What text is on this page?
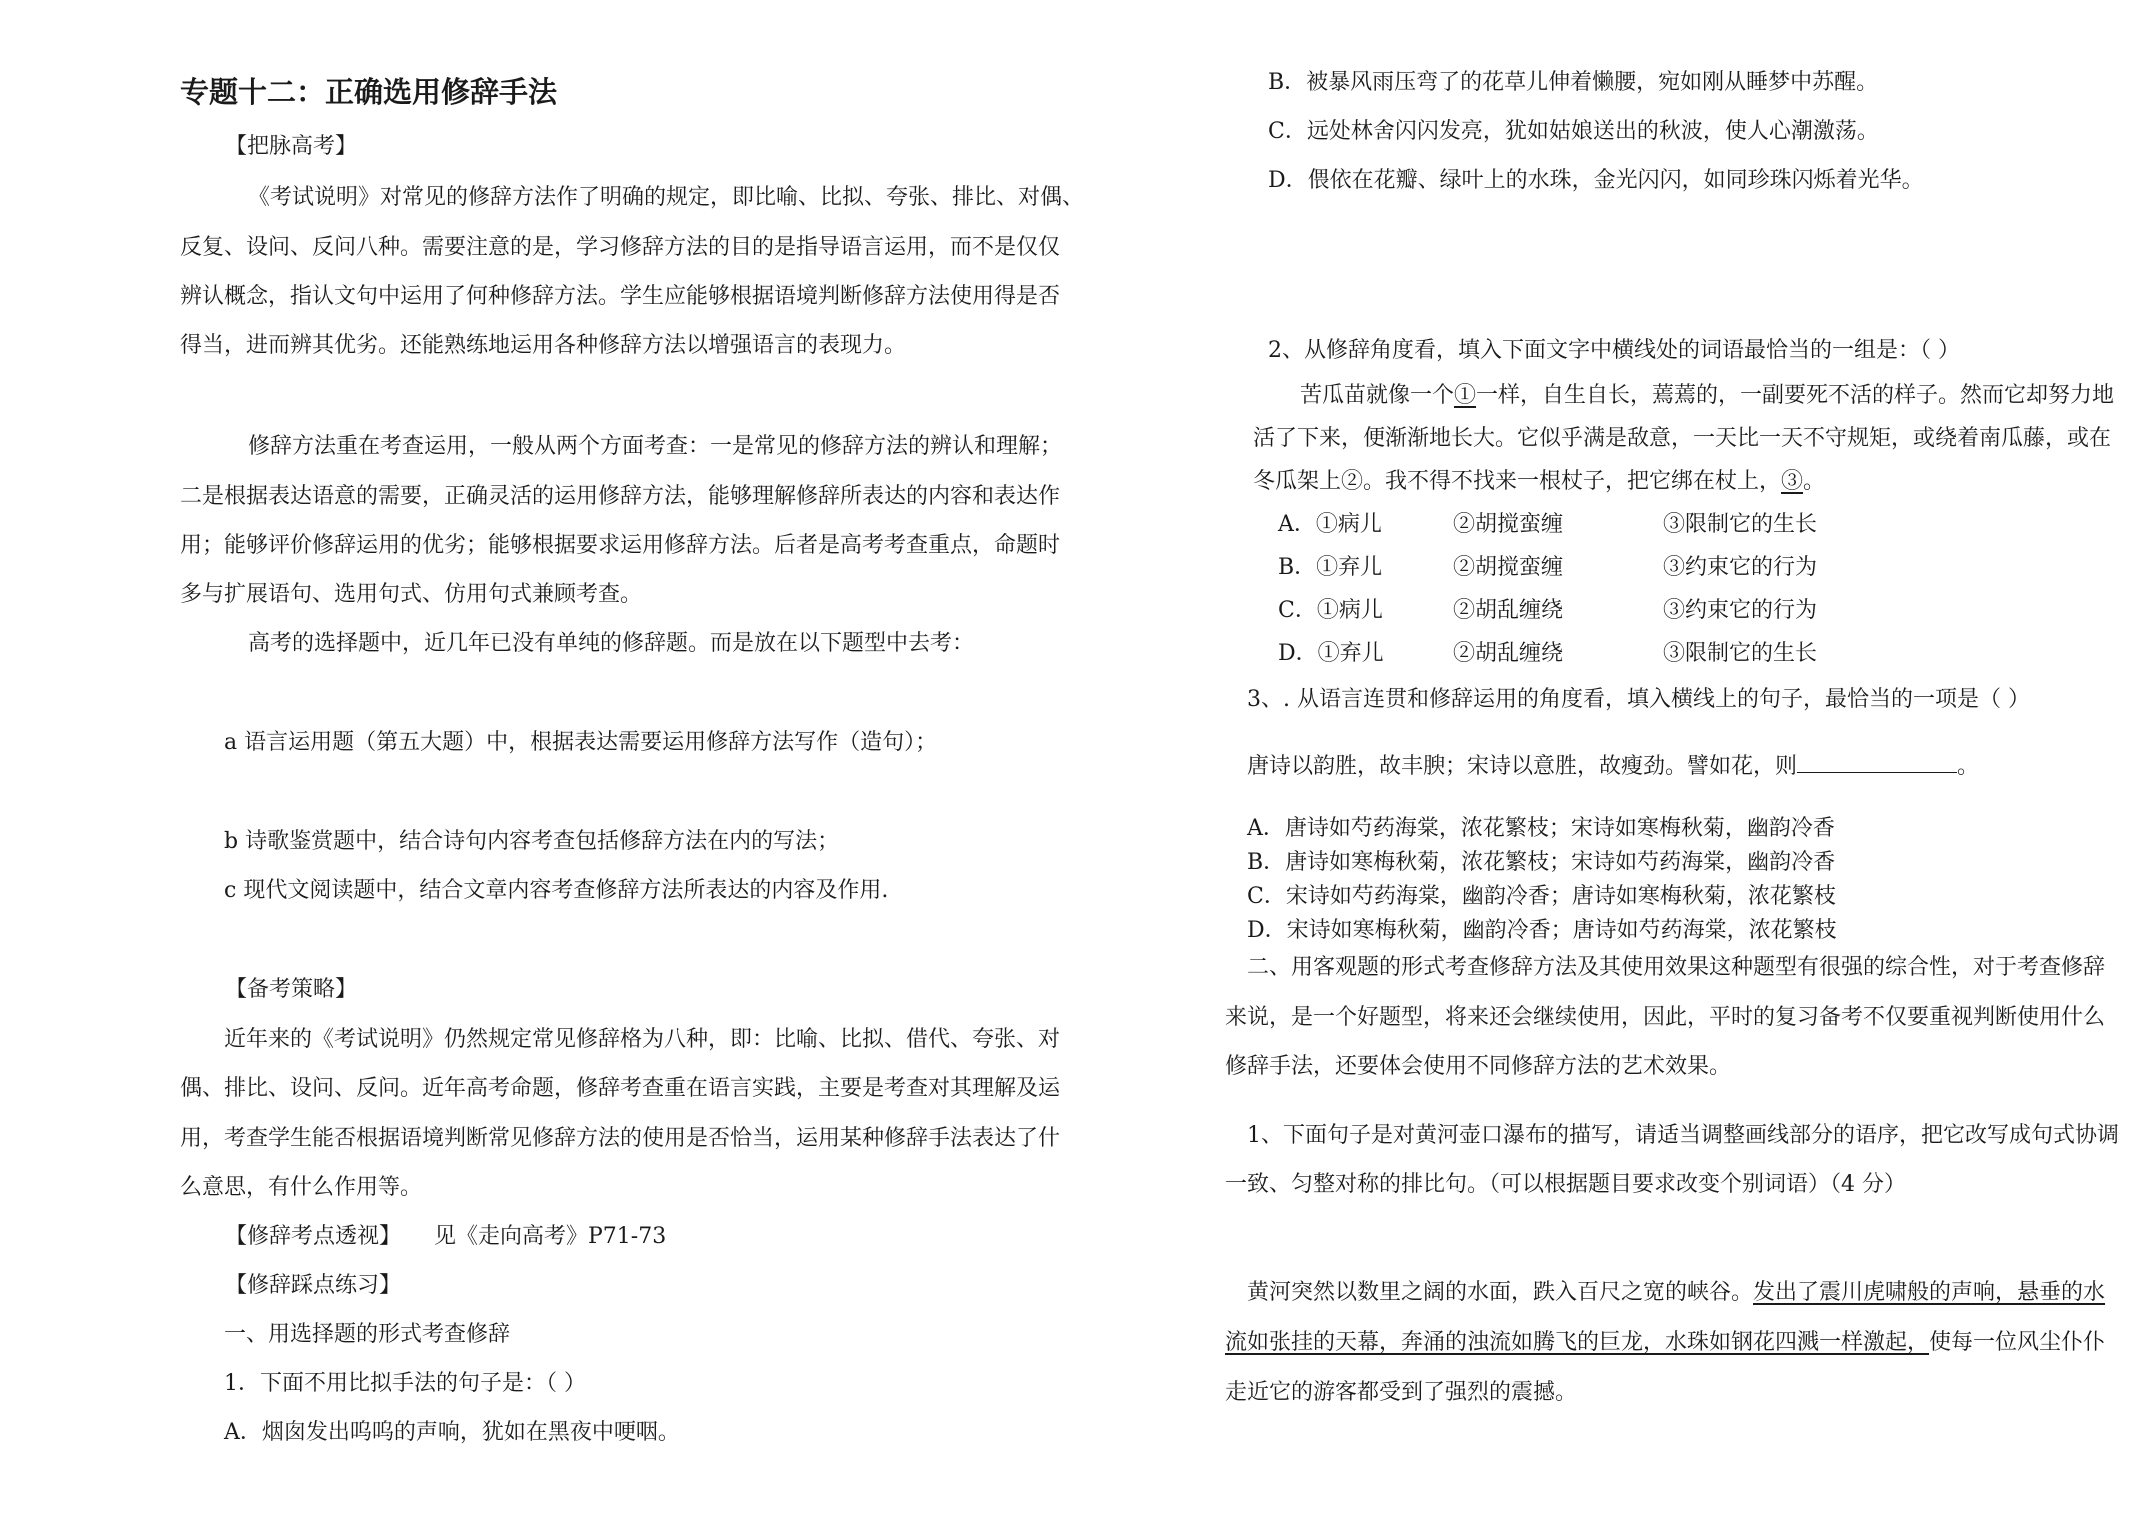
专题十二：正确选用修辞手法
【把脉高考】
《考试说明》对常见的修辞方法作了明确的规定，即比喻、比拟、夸张、排比、对偶、
反复、设问、反问八种。需要注意的是，学习修辞方法的目的是指导语言运用，而不是仅仅
辨认概念，指认文句中运用了何种修辞方法。学生应能够根据语境判断修辞方法使用得是否
得当，进而辨其优劣。还能熟练地运用各种修辞方法以增强语言的表现力。
修辞方法重在考查运用，一般从两个方面考查：一是常见的修辞方法的辨认和理解；
二是根据表达语意的需要，正确灵活的运用修辞方法，能够理解修辞所表达的内容和表达作
用；能够评价修辞运用的优劣；能够根据要求运用修辞方法。后者是高考考查重点，命题时
多与扩展语句、选用句式、仿用句式兼顾考查。
高考的选择题中，近几年已没有单纯的修辞题。而是放在以下题型中去考：
a 语言运用题（第五大题）中，根据表达需要运用修辞方法写作（造句）；
b 诗歌鉴赏题中，结合诗句内容考查包括修辞方法在内的写法；
c 现代文阅读题中，结合文章内容考查修辞方法所表达的内容及作用.
【备考策略】
近年来的《考试说明》仍然规定常见修辞格为八种，即：比喻、比拟、借代、夸张、对
偶、排比、设问、反问。近年高考命题，修辞考查重在语言实践，主要是考查对其理解及运
用，考查学生能否根据语境判断常见修辞方法的使用是否恰当，运用某种修辞手法表达了什
么意思，有什么作用等。
【修辞考点透视】 见《走向高考》P71-73
【修辞踩点练习】
一、用选择题的形式考查修辞
1．下面不用比拟手法的句子是：（ ）
A．烟囱发出呜呜的声响，犹如在黑夜中哽咽。
B．被暴风雨压弯了的花草儿伸着懒腰，宛如刚从睡梦中苏醒。
C．远处林舍闪闪发亮，犹如姑娘送出的秋波，使人心潮激荡。
D．偎依在花瓣、绿叶上的水珠，金光闪闪，如同珍珠闪烁着光华。
2、从修辞角度看，填入下面文字中横线处的词语最恰当的一组是：（ ）
苦瓜苗就像一个①一样，自生自长，蔫蔫的，一副要死不活的样子。然而它却努力地
活了下来，便渐渐地长大。它似乎满是敌意，一天比一天不守规矩，或绕着南瓜藤，或在
冬瓜架上②。我不得不找来一根杖子，把它绑在杖上，③。
A．①病儿	②胡搅蛮缠	③限制它的生长
B．①弃儿	②胡搅蛮缠	③约束它的行为
C．①病儿	②胡乱缠绕	③约束它的行为
D．①弃儿	②胡乱缠绕	③限制它的生长
3、. 从语言连贯和修辞运用的角度看，填入横线上的句子，最恰当的一项是（ ）
唐诗以韵胜，故丰腴；宋诗以意胜，故瘦劲。譬如花，则	。
A．唐诗如芍药海棠，浓花繁枝；宋诗如寒梅秋菊，幽韵冷香
B．唐诗如寒梅秋菊，浓花繁枝；宋诗如芍药海棠，幽韵冷香
C．宋诗如芍药海棠，幽韵冷香；唐诗如寒梅秋菊，浓花繁枝
D．宋诗如寒梅秋菊，幽韵冷香；唐诗如芍药海棠，浓花繁枝
二、用客观题的形式考查修辞方法及其使用效果这种题型有很强的综合性，对于考查修辞
来说，是一个好题型，将来还会继续使用，因此，平时的复习备考不仅要重视判断使用什么
修辞手法，还要体会使用不同修辞方法的艺术效果。
1、下面句子是对黄河壶口瀑布的描写，请适当调整画线部分的语序，把它改写成句式协调
一致、匀整对称的排比句。（可以根据题目要求改变个别词语）（4 分）
黄河突然以数里之阔的水面，跌入百尺之宽的峡谷。发出了震川虎啸般的声响，悬垂的水
流如张挂的天幕，奔涌的浊流如腾飞的巨龙，水珠如钢花四溅一样激起，使每一位风尘仆仆
走近它的游客都受到了强烈的震撼。
